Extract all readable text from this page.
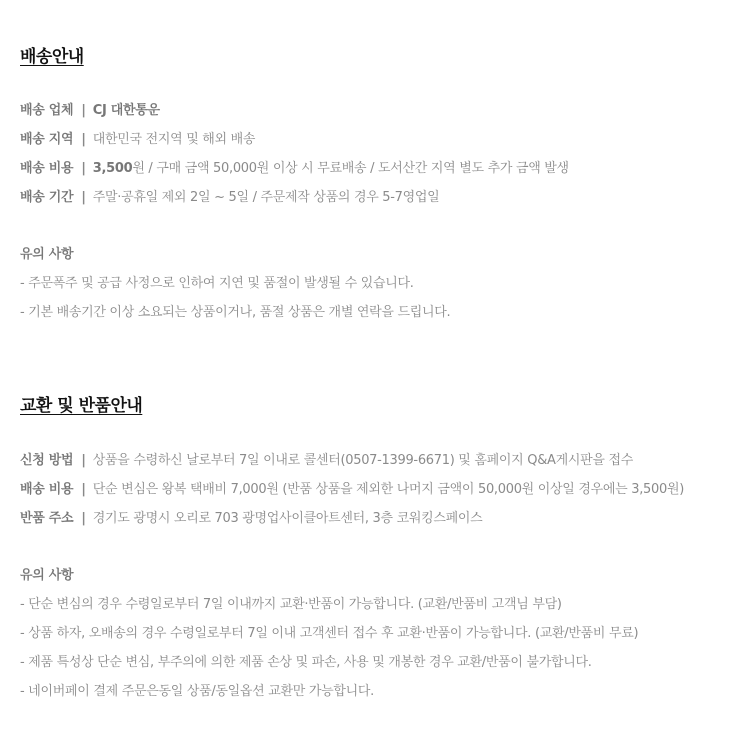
배송안내
배송 업체 | CJ 대한통운
배송 지역 | 대한민국 전지역 및 해외 배송
배송 비용 | 3,500원 / 구매 금액 50,000원 이상 시 무료배송 / 도서산간 지역 별도 추가 금액 발생
배송 기간 | 주말·공휴일 제외 2일 ~ 5일 / 주문제작 상품의 경우 5-7영업일
유의 사항
- 주문폭주 및 공급 사정으로 인하여 지연 및 품절이 발생될 수 있습니다.
- 기본 배송기간 이상 소요되는 상품이거나, 품절 상품은 개별 연락을 드립니다.
교환 및 반품안내
신청 방법 | 상품을 수령하신 날로부터 7일 이내로 콜센터(0507-1399-6671) 및 홈페이지 Q&A게시판을 접수
배송 비용 | 단순 변심은 왕복 택배비 7,000원 (반품 상품을 제외한 나머지 금액이 50,000원 이상일 경우에는 3,500원)
반품 주소 | 경기도 광명시 오리로 703 광명업사이클아트센터, 3층 코워킹스페이스
유의 사항
- 단순 변심의 경우 수령일로부터 7일 이내까지 교환·반품이 가능합니다. (교환/반품비 고객님 부담)
- 상품 하자, 오배송의 경우 수령일로부터 7일 이내 고객센터 접수 후 교환·반품이 가능합니다. (교환/반품비 무료)
- 제품 특성상 단순 변심, 부주의에 의한 제품 손상 및 파손, 사용 및 개봉한 경우 교환/반품이 불가합니다.
- 네이버페이 결제 주문은동일 상품/동일옵션 교환만 가능합니다.
